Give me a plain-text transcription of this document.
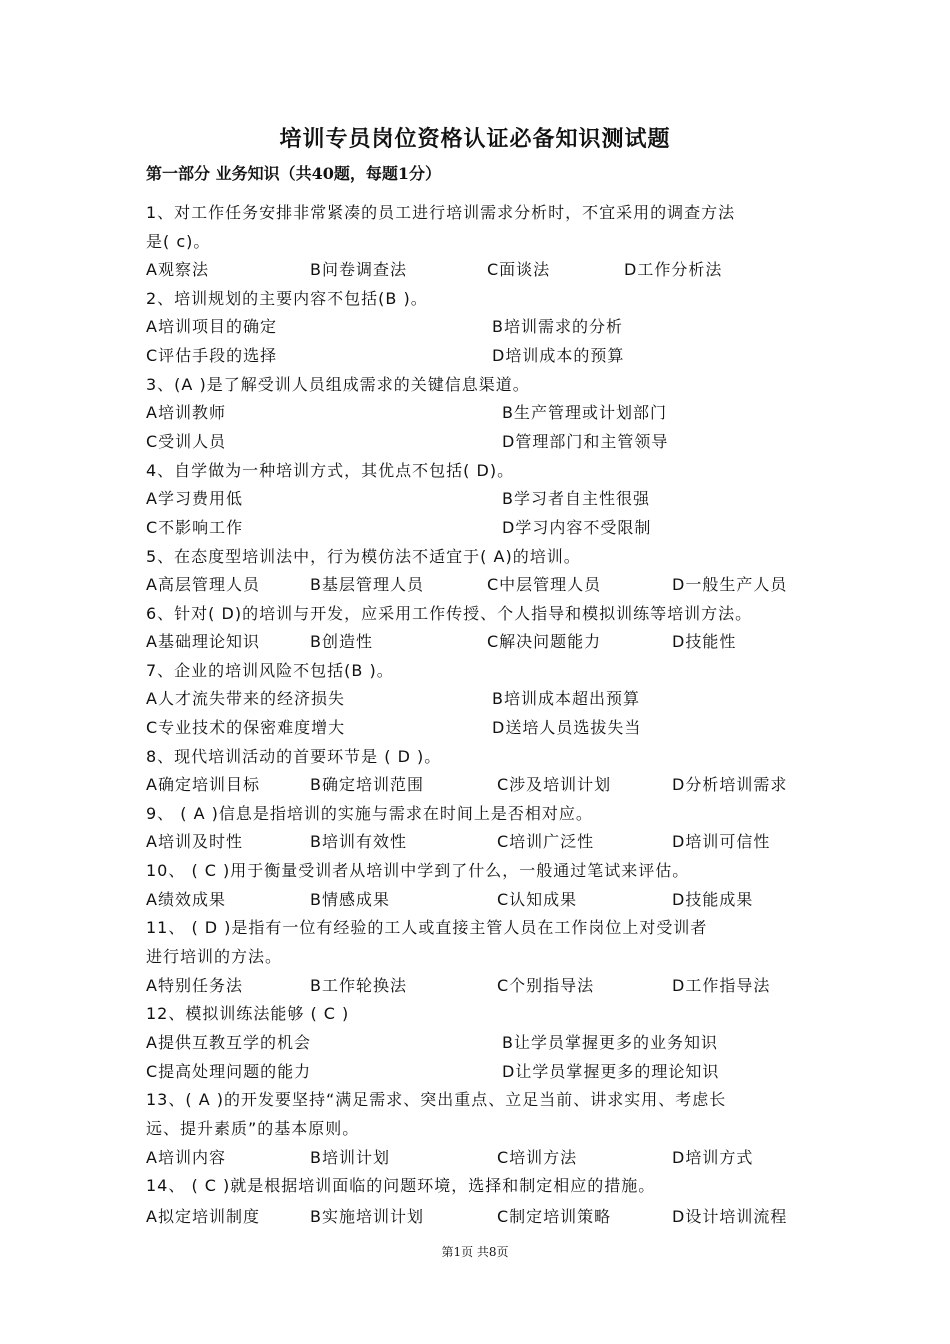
培训专员岗位资格认证必备知识测试题
第一部分 业务知识（共40题，每题1分）
1、对工作任务安排非常紧凑的员工进行培训需求分析时，不宜采用的调查方法
是( c)。
A观察法	B问卷调查法	C面谈法	D工作分析法
2、培训规划的主要内容不包括(B )。
A培训项目的确定	B培训需求的分析
C评估手段的选择	D培训成本的预算
3、(A )是了解受训人员组成需求的关键信息渠道。
A培训教师	B生产管理或计划部门
C受训人员	D管理部门和主管领导
4、自学做为一种培训方式，其优点不包括( D)。
A学习费用低	B学习者自主性很强
C不影响工作	D学习内容不受限制
5、在态度型培训法中，行为模仿法不适宜于( A)的培训。
A高层管理人员	B基层管理人员	C中层管理人员	D一般生产人员
6、针对( D)的培训与开发，应采用工作传授、个人指导和模拟训练等培训方法。
A基础理论知识	B创造性	C解决问题能力	D技能性
7、企业的培训风险不包括(B )。
A人才流失带来的经济损失	B培训成本超出预算
C专业技术的保密难度增大	D送培人员选拔失当
8、现代培训活动的首要环节是 ( D )。
A确定培训目标	B确定培训范围	C涉及培训计划	D分析培训需求
9、 ( A )信息是指培训的实施与需求在时间上是否相对应。
A培训及时性	B培训有效性	C培训广泛性	D培训可信性
10、 ( C )用于衡量受训者从培训中学到了什么，一般通过笔试来评估。
A绩效成果	B情感成果	C认知成果	D技能成果
11、 ( D )是指有一位有经验的工人或直接主管人员在工作岗位上对受训者
进行培训的方法。
A特别任务法	B工作轮换法	C个别指导法	D工作指导法
12、模拟训练法能够 ( C )
A提供互教互学的机会	B让学员掌握更多的业务知识
C提高处理问题的能力	D让学员掌握更多的理论知识
13、( A )的开发要坚持“满足需求、突出重点、立足当前、讲求实用、考虑长
远、提升素质”的基本原则。
A培训内容	B培训计划	C培训方法	D培训方式
14、 ( C )就是根据培训面临的问题环境，选择和制定相应的措施。
A拟定培训制度	B实施培训计划	C制定培训策略	D设计培训流程
第1页 共8页
